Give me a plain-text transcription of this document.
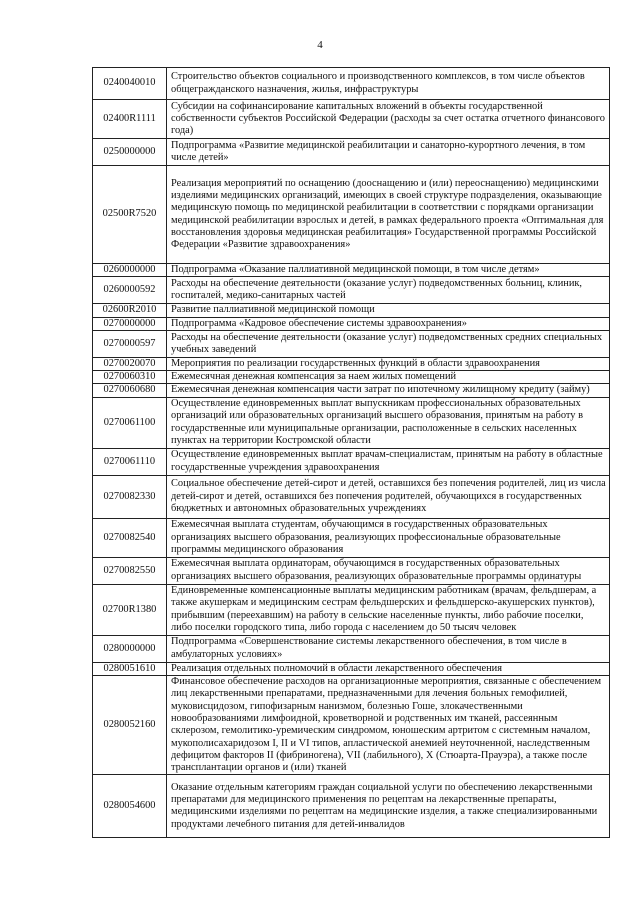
4
0240040010	Строительство объектов социального и производственного комплексов, в том числе объектов общегражданского назначения, жилья, инфраструктуры
02400R1111	Субсидии на софинансирование капитальных вложений в объекты государственной собственности субъектов Российской Федерации (расходы за счет остатка отчетного финансового года)
0250000000	Подпрограмма «Развитие медицинской реабилитации и санаторно-курортного лечения, в том числе детей»
02500R7520	Реализация мероприятий по оснащению (дооснащению и (или) переоснащению) медицинскими изделиями медицинских организаций, имеющих в своей структуре подразделения, оказывающие медицинскую помощь по медицинской реабилитации в соответствии с порядками организации медицинской реабилитации взрослых и детей, в рамках федерального проекта «Оптимальная для восстановления здоровья медицинская реабилитация» Государственной программы Российской Федерации «Развитие здравоохранения»
0260000000	Подпрограмма «Оказание паллиативной медицинской помощи, в том числе детям»
0260000592	Расходы на обеспечение деятельности (оказание услуг) подведомственных больниц, клиник, госпиталей, медико-санитарных частей
02600R2010	Развитие паллиативной медицинской помощи
0270000000	Подпрограмма «Кадровое обеспечение системы здравоохранения»
0270000597	Расходы на обеспечение деятельности (оказание услуг) подведомственных средних специальных учебных заведений
0270020070	Мероприятия по реализации государственных функций в области здравоохранения
0270060310	Ежемесячная денежная компенсация за наем жилых помещений
0270060680	Ежемесячная денежная компенсация части затрат по ипотечному жилищному кредиту (займу)
0270061100	Осуществление единовременных выплат выпускникам профессиональных образовательных организаций или образовательных организаций высшего образования, принятым на работу в государственные или муниципальные организации, расположенные в сельских населенных пунктах на территории Костромской области
0270061110	Осуществление единовременных выплат врачам-специалистам, принятым на работу в областные государственные учреждения здравоохранения
0270082330	Социальное обеспечение детей-сирот и детей, оставшихся без попечения родителей, лиц из числа детей-сирот и детей, оставшихся без попечения родителей, обучающихся в государственных бюджетных и автономных образовательных учреждениях
0270082540	Ежемесячная выплата студентам, обучающимся в государственных образовательных организациях высшего образования, реализующих профессиональные образовательные программы медицинского образования
0270082550	Ежемесячная выплата ординаторам, обучающимся в государственных образовательных организациях высшего образования, реализующих образовательные программы ординатуры
02700R1380	Единовременные компенсационные выплаты медицинским работникам (врачам, фельдшерам, а также акушеркам и медицинским сестрам фельдшерских и фельдшерско-акушерских пунктов), прибывшим (переехавшим) на работу в сельские населенные пункты, либо рабочие поселки, либо поселки городского типа, либо города с населением до 50 тысяч человек
0280000000	Подпрограмма «Совершенствование системы лекарственного обеспечения, в том числе в амбулаторных условиях»
0280051610	Реализация отдельных полномочий в области лекарственного обеспечения
0280052160	Финансовое обеспечение расходов на организационные мероприятия, связанные с обеспечением лиц лекарственными препаратами, предназначенными для лечения больных гемофилией, муковисцидозом, гипофизарным нанизмом, болезнью Гоше, злокачественными новообразованиями лимфоидной, кроветворной и родственных им тканей, рассеянным склерозом, гемолитико-уремическим синдромом, юношеским артритом с системным началом, мукополисахаридозом I, II и VI типов, апластической анемией неуточненной, наследственным дефицитом факторов II (фибриногена), VII (лабильного), X (Стюарта-Прауэра), а также после трансплантации органов и (или) тканей
0280054600	Оказание отдельным категориям граждан социальной услуги по обеспечению лекарственными препаратами для медицинского применения по рецептам на лекарственные препараты, медицинскими изделиями по рецептам на медицинские изделия, а также специализированными продуктами лечебного питания для детей-инвалидов
